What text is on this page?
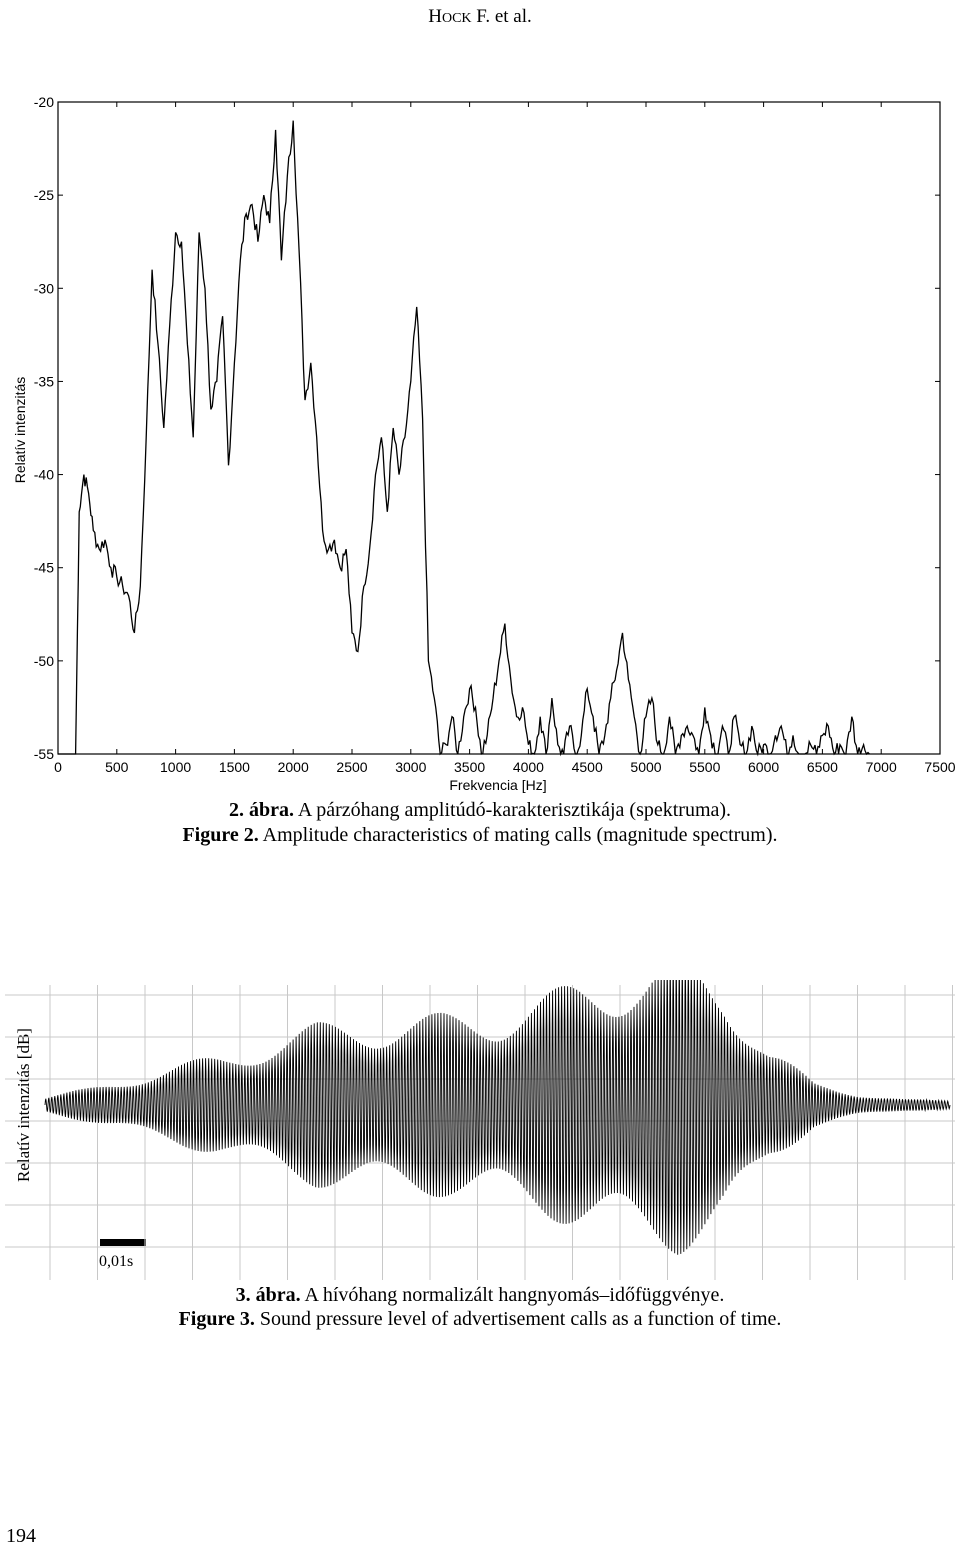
HOCK F. et al.
Relatív intenzitás
Frekvencia [Hz]
-20
-25
-30
-35
-40
-45
-50
-55
0	500 1000 1500 2000 2500 3000 3500 4000 4500 5000 5500 6000 6500 7000 7500
2. ábra. A párzóhang amplitúdó-karakterisztikája (spektruma).
Figure 2. Amplitude characteristics of mating calls (magnitude spectrum).
Relatív intenzitás [dB]
0,01s
3. ábra. A hívóhang normalizált hangnyomás–időfüggvénye.
Figure 3. Sound pressure level of advertisement calls as a function of time.
194
